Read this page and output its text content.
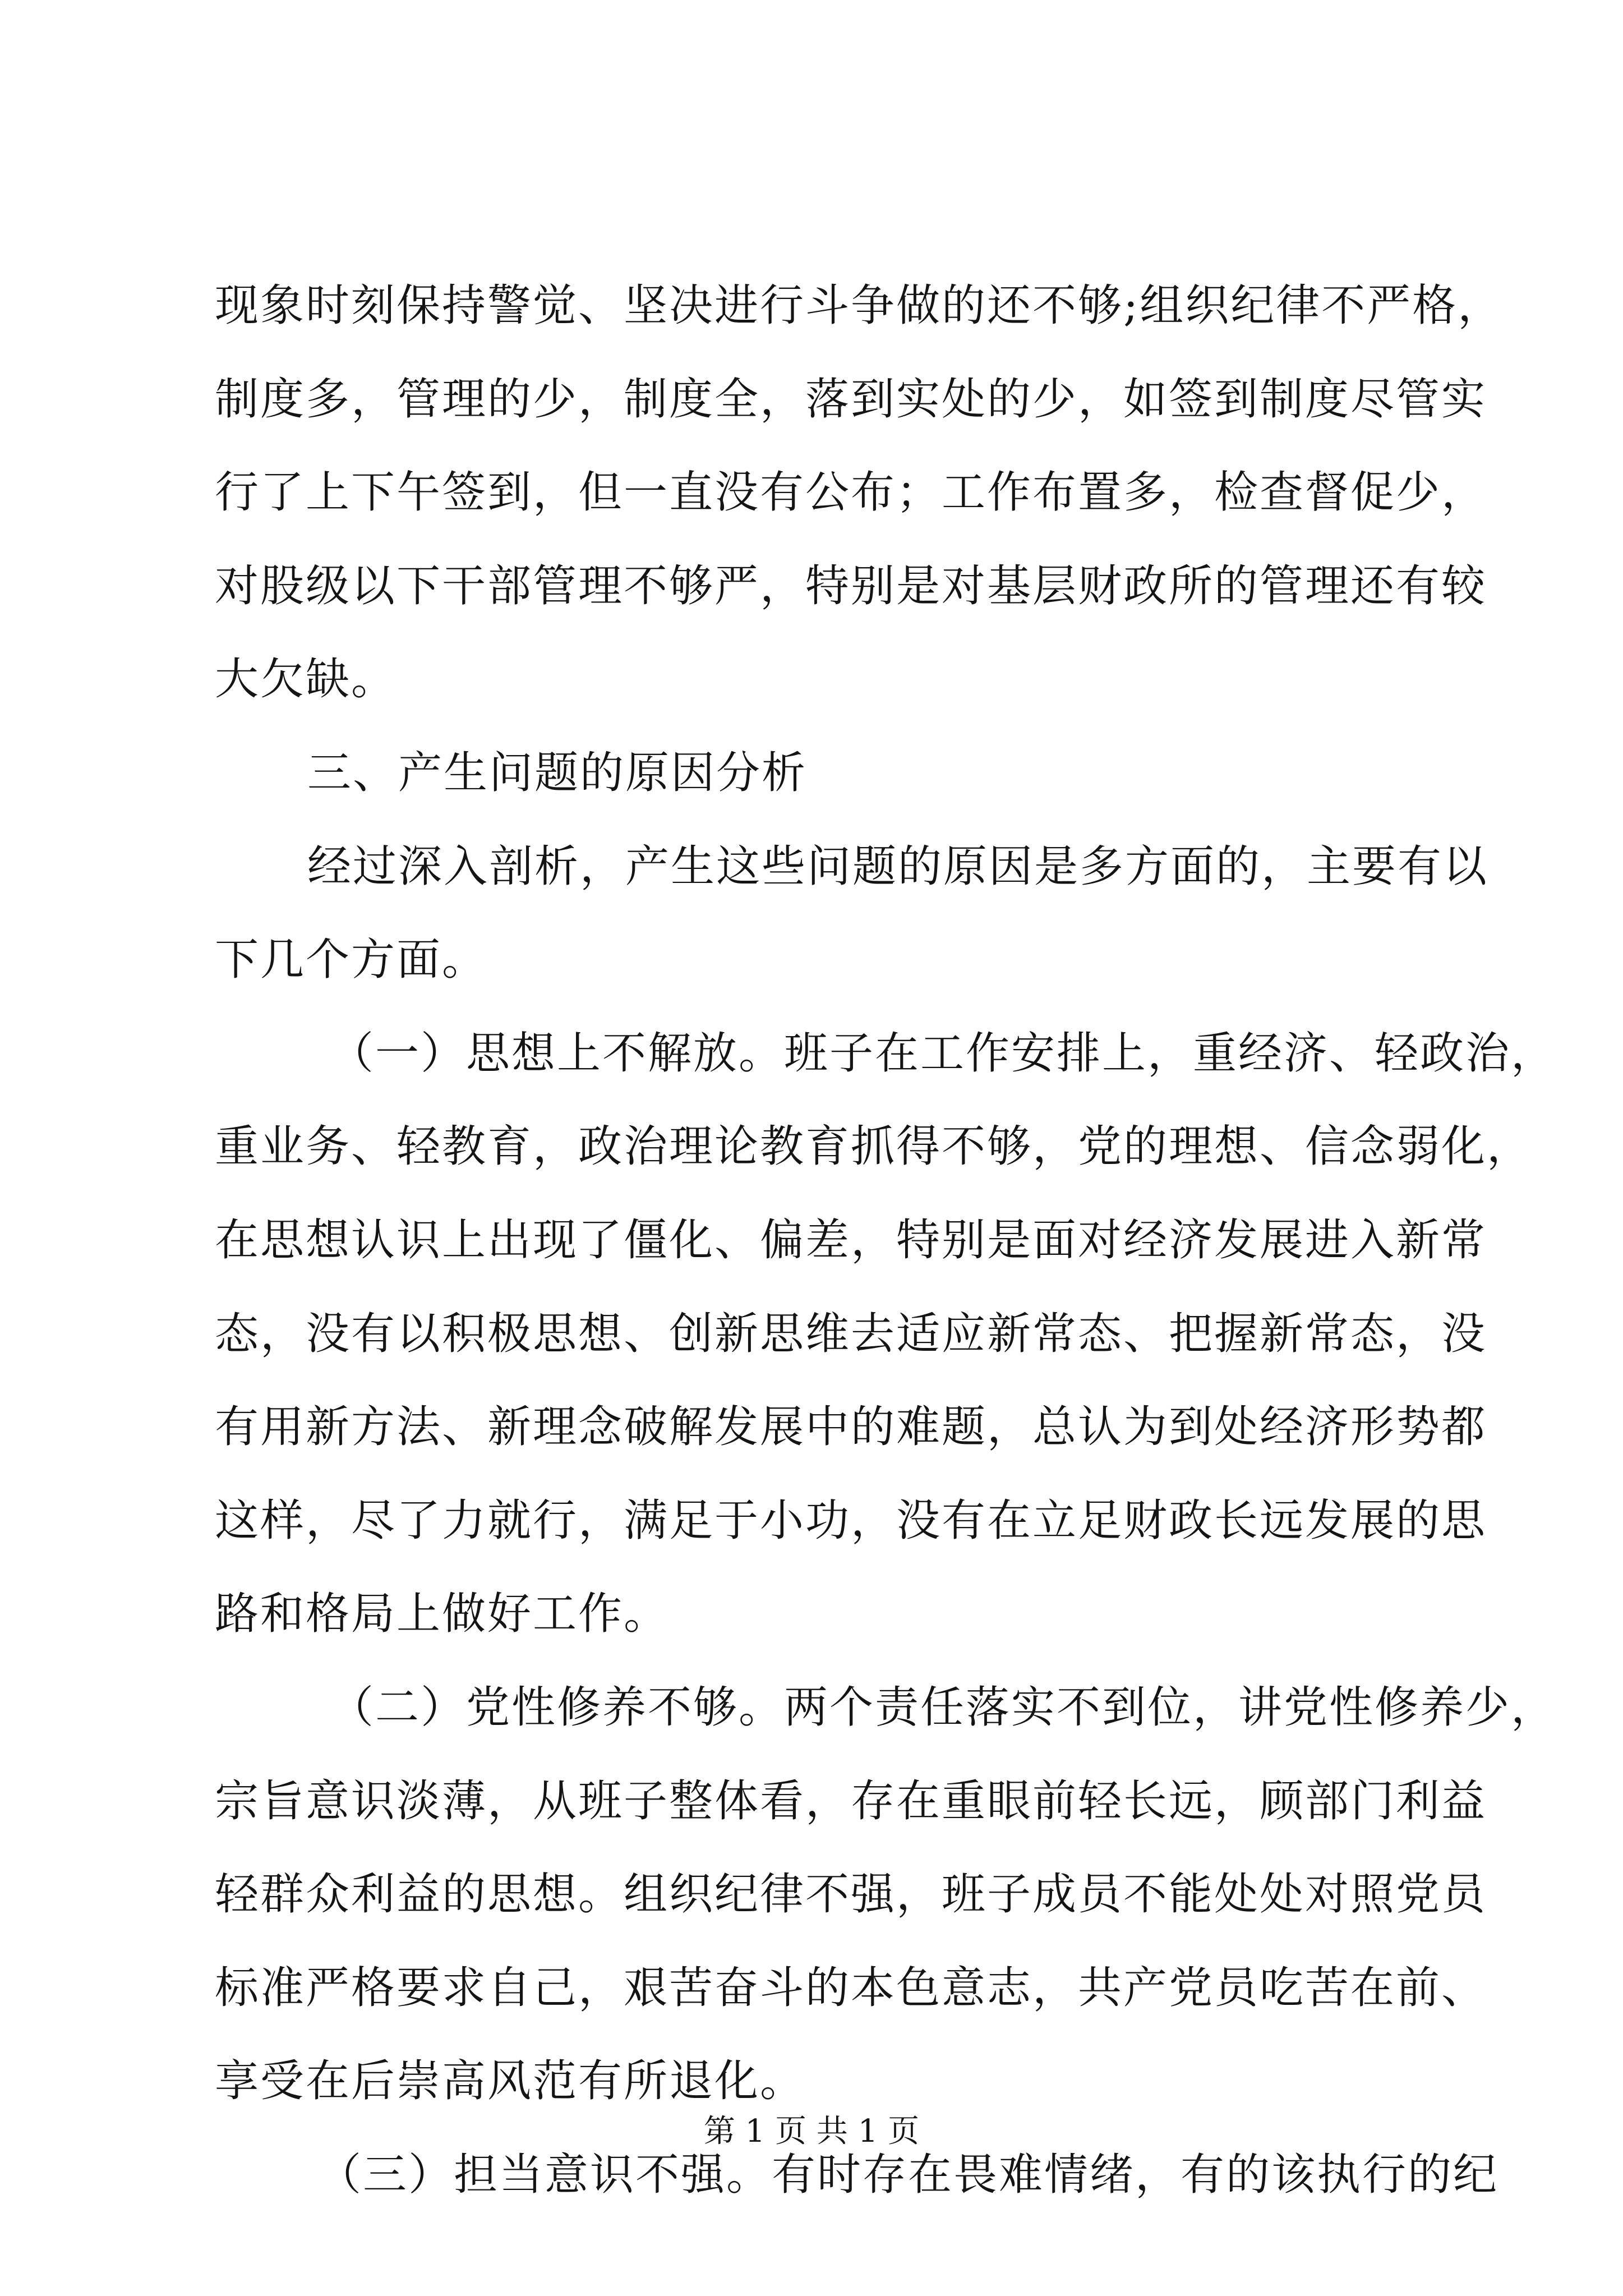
现象时刻保持警觉、坚决进行斗争做的还不够;组织纪律不严格，
制度多，管理的少，制度全，落到实处的少，如签到制度尽管实
行了上下午签到，但一直没有公布；工作布置多，检查督促少，
对股级以下干部管理不够严，特别是对基层财政所的管理还有较
大欠缺。
三、产生问题的原因分析
经过深入剖析，产生这些问题的原因是多方面的，主要有以
下几个方面。
（一）思想上不解放。班子在工作安排上，重经济、轻政治，
重业务、轻教育，政治理论教育抓得不够，党的理想、信念弱化，
在思想认识上出现了僵化、偏差，特别是面对经济发展进入新常
态，没有以积极思想、创新思维去适应新常态、把握新常态，没
有用新方法、新理念破解发展中的难题，总认为到处经济形势都
这样，尽了力就行，满足于小功，没有在立足财政长远发展的思
路和格局上做好工作。
（二）党性修养不够。两个责任落实不到位，讲党性修养少，
宗旨意识淡薄，从班子整体看，存在重眼前轻长远，顾部门利益
轻群众利益的思想。组织纪律不强，班子成员不能处处对照党员
标准严格要求自己，艰苦奋斗的本色意志，共产党员吃苦在前、
享受在后崇高风范有所退化。
（三）担当意识不强。有时存在畏难情绪，有的该执行的纪
第 1 页 共 1 页
